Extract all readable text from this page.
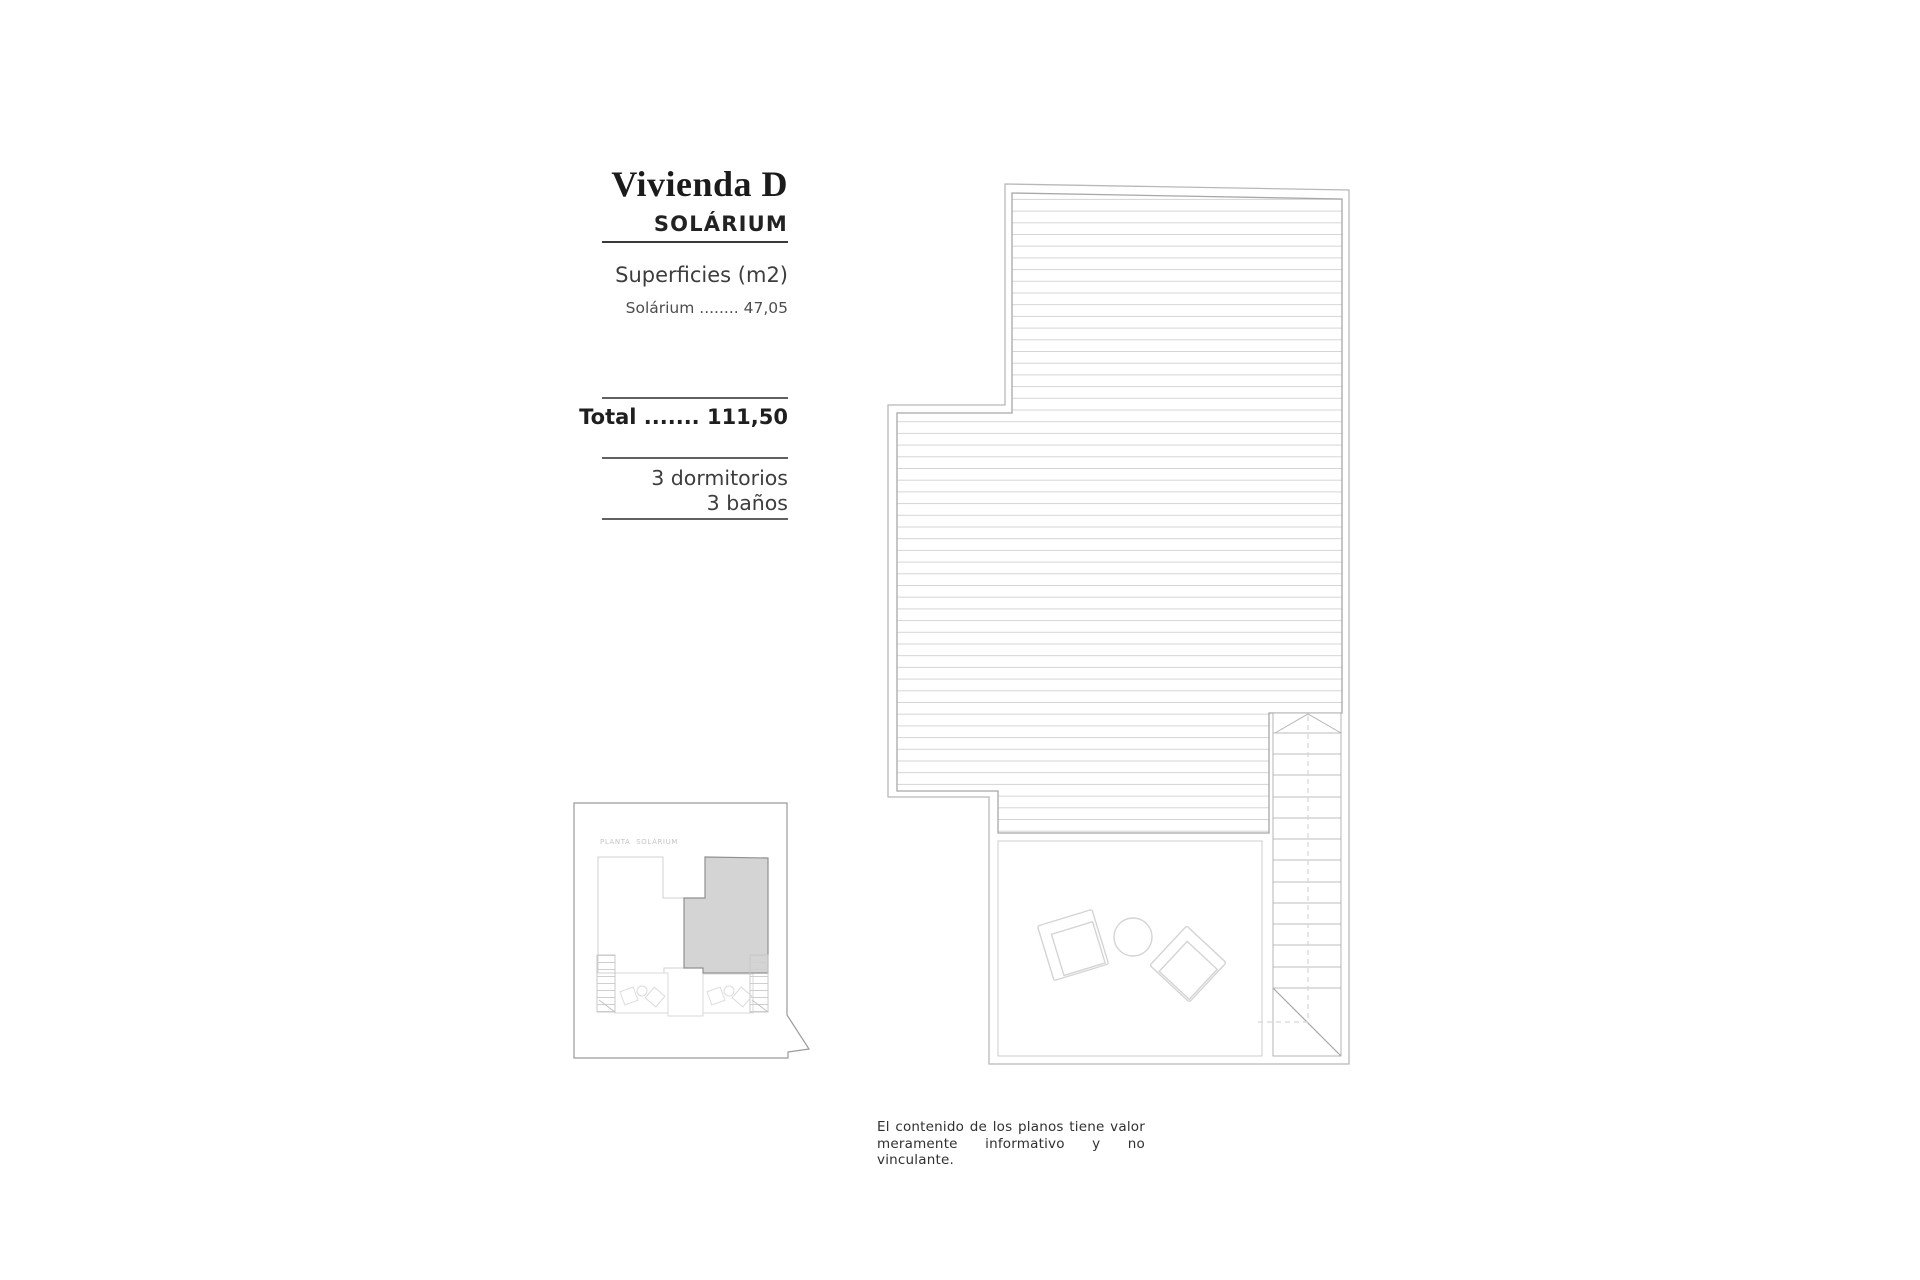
Vivienda D
SOLÁRIUM
Superficies (m2)
Solárium ........ 47,05
Total ....... 111,50
3 dormitorios
3 baños
PLANTA SOLÁRIUM
El contenido de los planos tiene valor
meramente informativo y no vinculante.
